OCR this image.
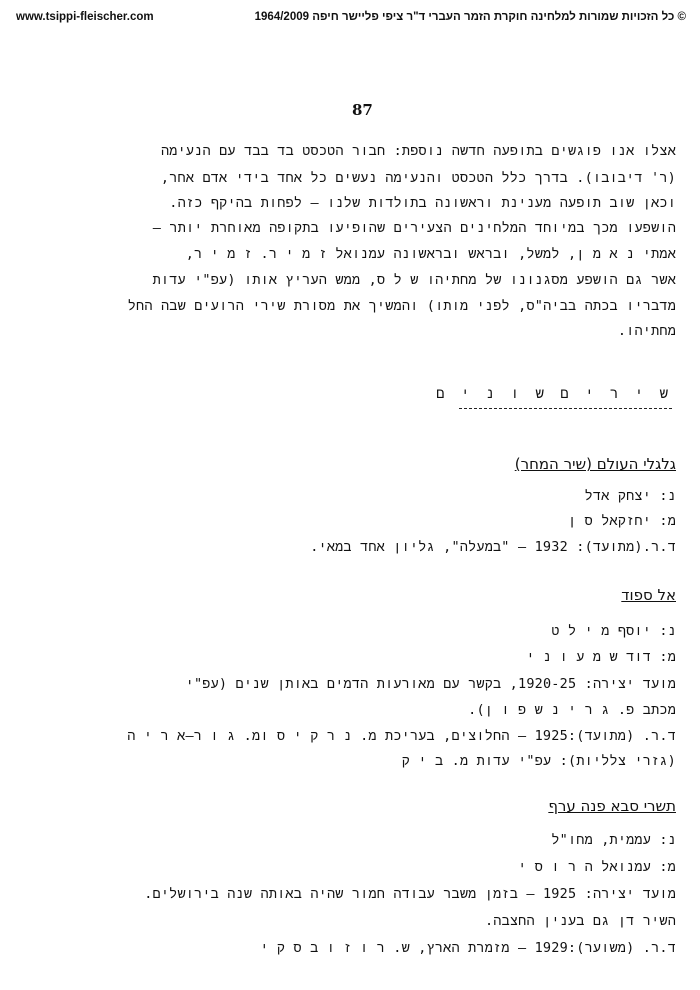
www.tsippi-fleischer.com	© כל הזכויות שמורות למלחינה חוקרת הזמר העברי ד"ר ציפי פליישר חיפה 1964/2009
87
אצלו אנו פוגשים בתופעה חדשה נוספת: חבור הטכסט בד בבד עם הנעימה
(ר' דיבובו). בדרך כלל הטכסט והנעימה נעשים כל אחד בידי אדם אחר,
וכאן שוב תופעה מענינת וראשונה בתולדות שלנו – לפחות בהיקף כזה.
הושפעו מכך במיוחד המלחינים הצעירים שהופיעו בתקופה מאוחרת יותר –
אמתי נ א מ ן, למשל, ובראש ובראשונה עמנואל ז מ י ר. ז מ י ר,
אשר גם הושפע מסגנונו של מחתיהו ש ל ס, ממש העריץ אותו (עפ"י עדות
מדבריו בכתה בביה"ס, לפני מותו) והמשיך את מסורת שירי הרועים שבה החל
מחתיהו.
ש י ר י ם ש ו נ י ם
גלגלי העולם (שיר המחר)
נ: יצחק אדל
מ: יחזקאל ס ן
ד.ר.(מתועד): 1932 – "במעלה", גליון אחד במאי.
אל ספוד
נ: יוסף מ י ל ט
מ: דוד ש מ ע ו נ י
מועד יצירה: 1920-25, בקשר עם מאורעות הדמים באותן שנים (עפ"י
מכתב פ. ג ר י נ ש פ ו ן).
ד.ר. (מתועד):1925 – החלוצים, בעריכת מ. נ ר ק י ס ומ. ג ו ר–א ר י ה
(גזרי צלליות): עפ"י עדות מ. ב י ק
תשרי סבא פנה ערף
נ: עממית, מחו"ל
מ: עמנואל ה ר ו ס י
מועד יצירה: 1925 – בזמן משבר עבודה חמור שהיה באותה שנה בירושלים.
השיר דן גם בענין החצבה.
ד.ר. (משוער):1929 – מזמרת הארץ, ש. ר ו ז ו ב ס ק י
